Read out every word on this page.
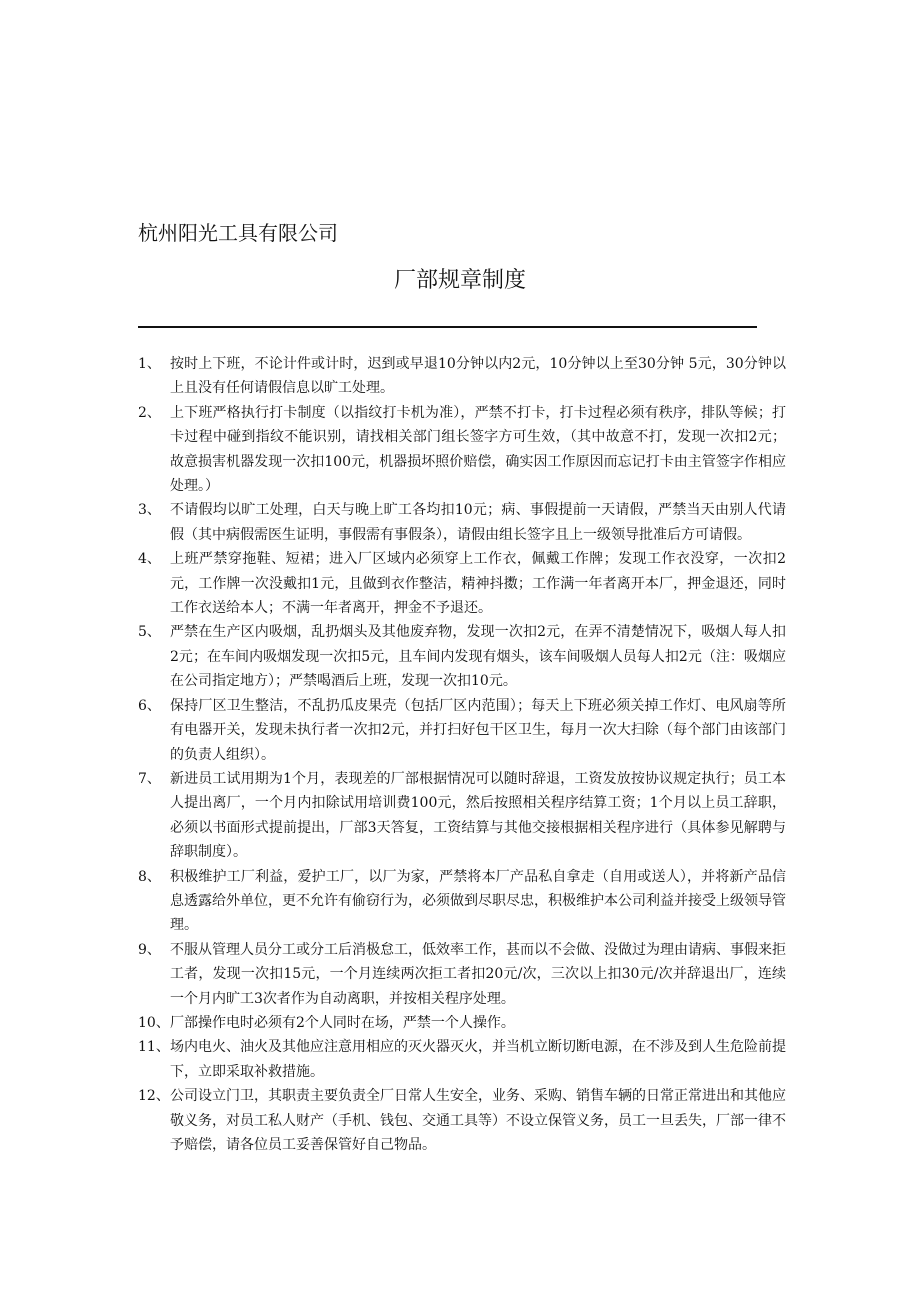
杭州阳光工具有限公司
厂部规章制度
1、 按时上下班，不论计件或计时，迟到或早退10分钟以内2元，10分钟以上至30分钟 5元，30分钟以上且没有任何请假信息以旷工处理。
2、 上下班严格执行打卡制度（以指纹打卡机为准），严禁不打卡，打卡过程必须有秩序，排队等候；打卡过程中碰到指纹不能识别，请找相关部门组长签字方可生效，（其中故意不打，发现一次扣2元；故意损害机器发现一次扣100元，机器损坏照价赔偿，确实因工作原因而忘记打卡由主管签字作相应处理。）
3、 不请假均以旷工处理，白天与晚上旷工各均扣10元；病、事假提前一天请假，严禁当天由别人代请假（其中病假需医生证明，事假需有事假条），请假由组长签字且上一级领导批准后方可请假。
4、 上班严禁穿拖鞋、短裙；进入厂区域内必须穿上工作衣，佩戴工作牌；发现工作衣没穿，一次扣2元，工作牌一次没戴扣1元，且做到衣作整洁，精神抖擞；工作满一年者离开本厂，押金退还，同时工作衣送给本人；不满一年者离开，押金不予退还。
5、 严禁在生产区内吸烟，乱扔烟头及其他废弃物，发现一次扣2元，在弄不清楚情况下，吸烟人每人扣2元；在车间内吸烟发现一次扣5元，且车间内发现有烟头，该车间吸烟人员每人扣2元（注：吸烟应在公司指定地方）；严禁喝酒后上班，发现一次扣10元。
6、 保持厂区卫生整洁，不乱扔瓜皮果壳（包括厂区内范围）；每天上下班必须关掉工作灯、电风扇等所有电器开关，发现未执行者一次扣2元，并打扫好包干区卫生，每月一次大扫除（每个部门由该部门的负责人组织）。
7、 新进员工试用期为1个月，表现差的厂部根据情况可以随时辞退，工资发放按协议规定执行；员工本人提出离厂，一个月内扣除试用培训费100元，然后按照相关程序结算工资；1个月以上员工辞职，必须以书面形式提前提出，厂部3天答复，工资结算与其他交接根据相关程序进行（具体参见解聘与辞职制度）。
8、 积极维护工厂利益，爱护工厂，以厂为家，严禁将本厂产品私自拿走（自用或送人），并将新产品信息透露给外单位，更不允许有偷窃行为，必须做到尽职尽忠，积极维护本公司利益并接受上级领导管理。
9、 不服从管理人员分工或分工后消极怠工，低效率工作，甚而以不会做、没做过为理由请病、事假来拒工者，发现一次扣15元，一个月连续两次拒工者扣20元/次，三次以上扣30元/次并辞退出厂，连续一个月内旷工3次者作为自动离职，并按相关程序处理。
10、 厂部操作电时必须有2个人同时在场，严禁一个人操作。
11、 场内电火、油火及其他应注意用相应的灭火器灭火，并当机立断切断电源，在不涉及到人生危险前提下，立即采取补救措施。
12、 公司设立门卫，其职责主要负责全厂日常人生安全，业务、采购、销售车辆的日常正常进出和其他应敬义务，对员工私人财产（手机、钱包、交通工具等）不设立保管义务，员工一旦丢失，厂部一律不予赔偿，请各位员工妥善保管好自己物品。
